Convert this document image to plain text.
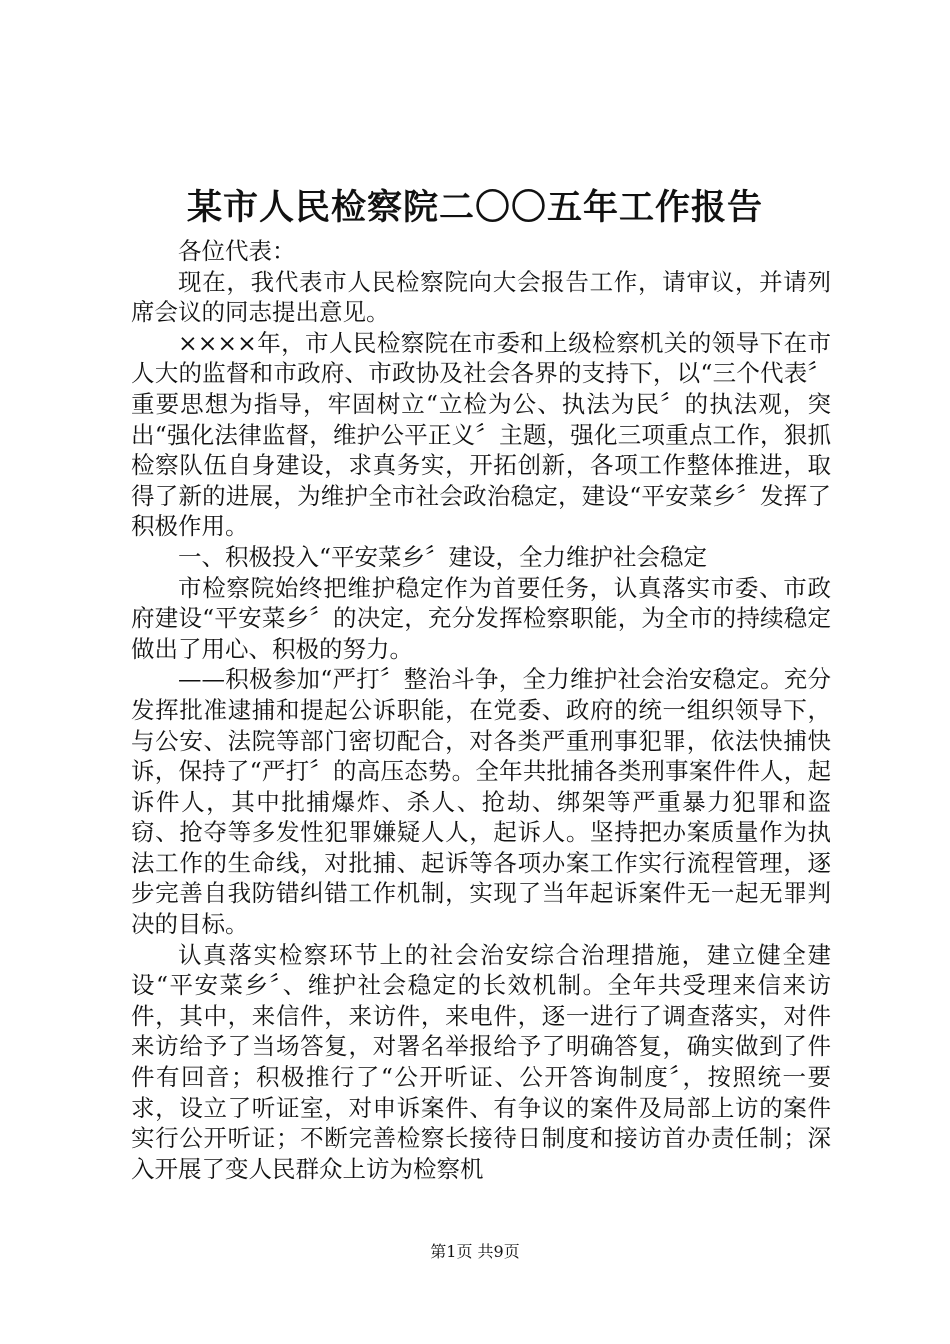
某市人民检察院二〇〇五年工作报告

各位代表：

现在，我代表市人民检察院向大会报告工作，请审议，并请列席会议的同志提出意见。

××××年，市人民检察院在市委和上级检察机关的领导下在市人大的监督和市政府、市政协及社会各界的支持下，以“三个代表〞重要思想为指导，牢固树立“立检为公、执法为民〞的执法观，突出“强化法律监督，维护公平正义〞主题，强化三项重点工作，狠抓检察队伍自身建设，求真务实，开拓创新，各项工作整体推进，取得了新的进展，为维护全市社会政治稳定，建设“平安菜乡〞发挥了积极作用。

一、积极投入“平安菜乡〞建设，全力维护社会稳定

市检察院始终把维护稳定作为首要任务，认真落实市委、市政府建设“平安菜乡〞的决定，充分发挥检察职能，为全市的持续稳定做出了用心、积极的努力。

——积极参加“严打〞整治斗争，全力维护社会治安稳定。充分发挥批准逮捕和提起公诉职能，在党委、政府的统一组织领导下，与公安、法院等部门密切配合，对各类严重刑事犯罪，依法快捕快诉，保持了“严打〞的高压态势。全年共批捕各类刑事案件件人，起诉件人，其中批捕爆炸、杀人、抢劫、绑架等严重暴力犯罪和盗窃、抢夺等多发性犯罪嫌疑人人，起诉人。坚持把办案质量作为执法工作的生命线，对批捕、起诉等各项办案工作实行流程管理，逐步完善自我防错纠错工作机制，实现了当年起诉案件无一起无罪判决的目标。

认真落实检察环节上的社会治安综合治理措施，建立健全建设“平安菜乡〞、维护社会稳定的长效机制。全年共受理来信来访件，其中，来信件，来访件，来电件，逐一进行了调查落实，对件来访给予了当场答复，对署名举报给予了明确答复，确实做到了件件有回音；积极推行了“公开听证、公开答询制度〞，按照统一要求，设立了听证室，对申诉案件、有争议的案件及局部上访的案件实行公开听证；不断完善检察长接待日制度和接访首办责任制；深入开展了变人民群众上访为检察机

第1页 共9页
